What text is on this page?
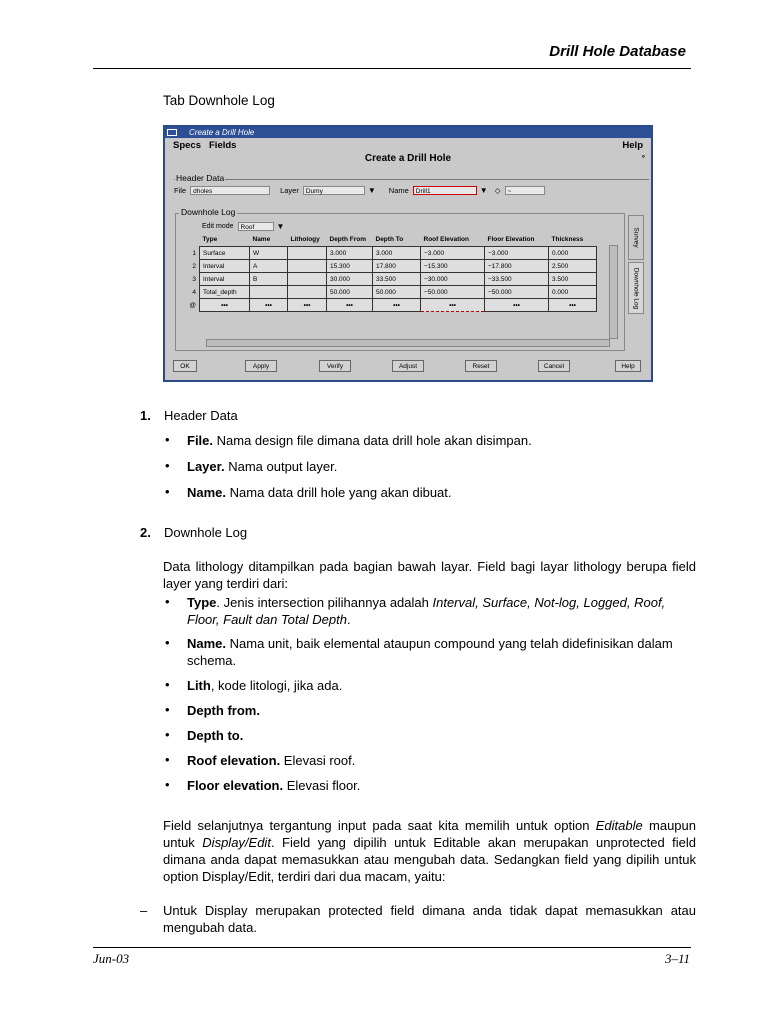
Drill Hole Database
Tab Downhole Log
Create a Drill Hole
Specs Fields	Help
Create a Drill Hole	°
Header Data
File	dholes	Layer	Dumy	▼ Name	Drill1	▼ ◇	~
Downhole Log
Edit mode	Roof	▼
	Type	Name	Lithology	Depth From	Depth To	Roof Elevation	Floor Elevation	Thickness
1	Surface	W		3.000	3.000	−3.000	−3.000	0.000
2	Interval	A		15.300	17.800	−15.300	−17.800	2.500
3	Interval	B		30.000	33.500	−30.000	−33.500	3.500
4	Total_depth			50.000	50.000	−50.000	−50.000	0.000
@	•••	•••	•••	•••	•••	•••	•••	•••
Survey
Downhole Log
OK	Apply	Verify	Adjust	Reset	Cancel	Help
1. Header Data
• File. Nama design file dimana data drill hole akan disimpan.
• Layer. Nama output layer.
• Name. Nama data drill hole yang akan dibuat.
2. Downhole Log
Data lithology ditampilkan pada bagian bawah layar. Field bagi layar lithology berupa field layer yang terdiri dari:
• Type. Jenis intersection pilihannya adalah Interval, Surface, Not-log, Logged, Roof, Floor, Fault dan Total Depth.
• Name. Nama unit, baik elemental ataupun compound yang telah didefinisikan dalam schema.
• Lith, kode litologi, jika ada.
• Depth from.
• Depth to.
• Roof elevation. Elevasi roof.
• Floor elevation. Elevasi floor.
Field selanjutnya tergantung input pada saat kita memilih untuk option Editable maupun untuk Display/Edit. Field yang dipilih untuk Editable akan merupakan unprotected field dimana anda dapat memasukkan atau mengubah data. Sedangkan field yang dipilih untuk option Display/Edit, terdiri dari dua macam, yaitu:
– Untuk Display merupakan protected field dimana anda tidak dapat memasukkan atau mengubah data.
Jun-03	3–11
